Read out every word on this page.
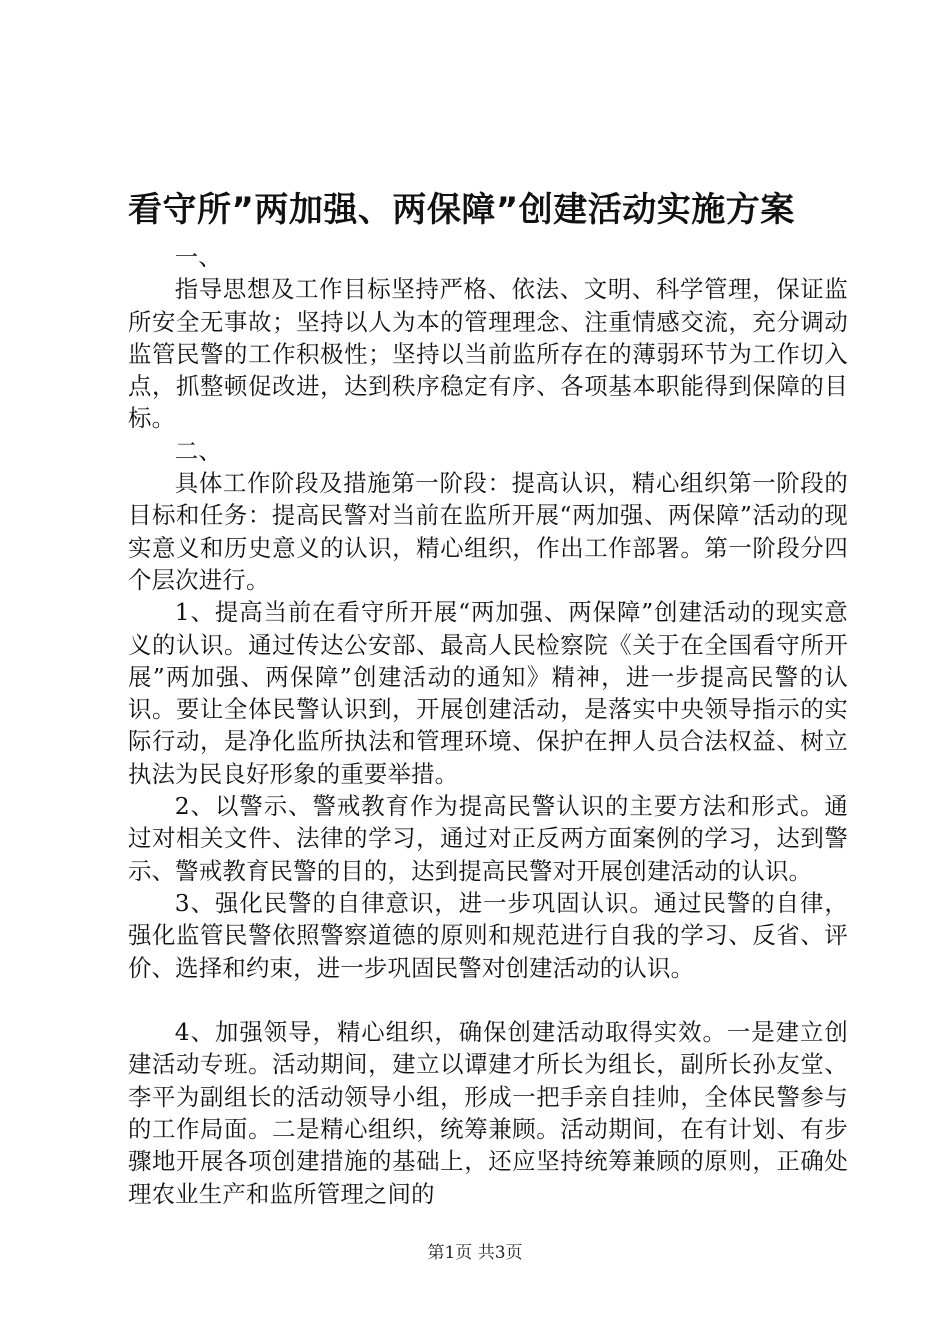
看守所”两加强、两保障”创建活动实施方案

一、

指导思想及工作目标坚持严格、依法、文明、科学管理，保证监所安全无事故；坚持以人为本的管理理念、注重情感交流，充分调动监管民警的工作积极性；坚持以当前监所存在的薄弱环节为工作切入点，抓整顿促改进，达到秩序稳定有序、各项基本职能得到保障的目标。

二、

具体工作阶段及措施第一阶段：提高认识，精心组织第一阶段的目标和任务：提高民警对当前在监所开展“两加强、两保障”活动的现实意义和历史意义的认识，精心组织，作出工作部署。第一阶段分四个层次进行。

1、提高当前在看守所开展“两加强、两保障”创建活动的现实意义的认识。通过传达公安部、最高人民检察院《关于在全国看守所开展”两加强、两保障”创建活动的通知》精神，进一步提高民警的认识。要让全体民警认识到，开展创建活动，是落实中央领导指示的实际行动，是净化监所执法和管理环境、保护在押人员合法权益、树立执法为民良好形象的重要举措。

2、以警示、警戒教育作为提高民警认识的主要方法和形式。通过对相关文件、法律的学习，通过对正反两方面案例的学习，达到警示、警戒教育民警的目的，达到提高民警对开展创建活动的认识。

3、强化民警的自律意识，进一步巩固认识。通过民警的自律，强化监管民警依照警察道德的原则和规范进行自我的学习、反省、评价、选择和约束，进一步巩固民警对创建活动的认识。

4、加强领导，精心组织，确保创建活动取得实效。一是建立创建活动专班。活动期间，建立以谭建才所长为组长，副所长孙友堂、李平为副组长的活动领导小组，形成一把手亲自挂帅，全体民警参与的工作局面。二是精心组织，统筹兼顾。活动期间，在有计划、有步骤地开展各项创建措施的基础上，还应坚持统筹兼顾的原则，正确处理农业生产和监所管理之间的

第1页 共3页
